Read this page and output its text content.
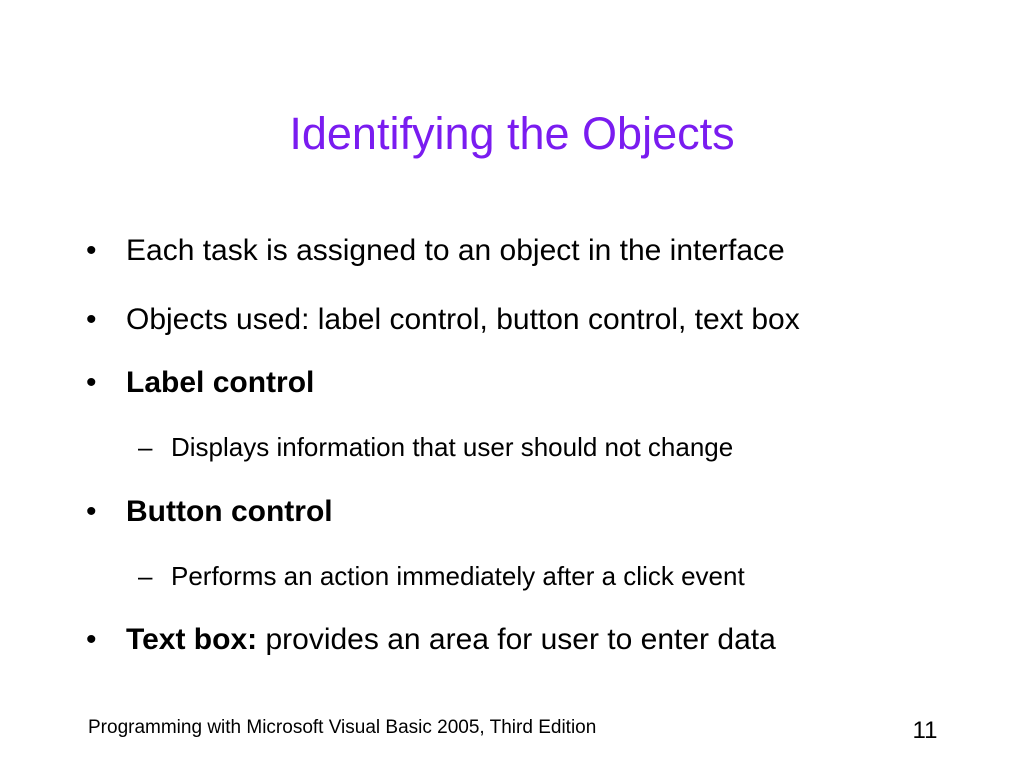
Identifying the Objects
• Each task is assigned to an object in the interface
• Objects used: label control, button control, text box
• Label control
– Displays information that user should not change
• Button control
– Performs an action immediately after a click event
• Text box: provides an area for user to enter data
Programming with Microsoft Visual Basic 2005, Third Edition	11
